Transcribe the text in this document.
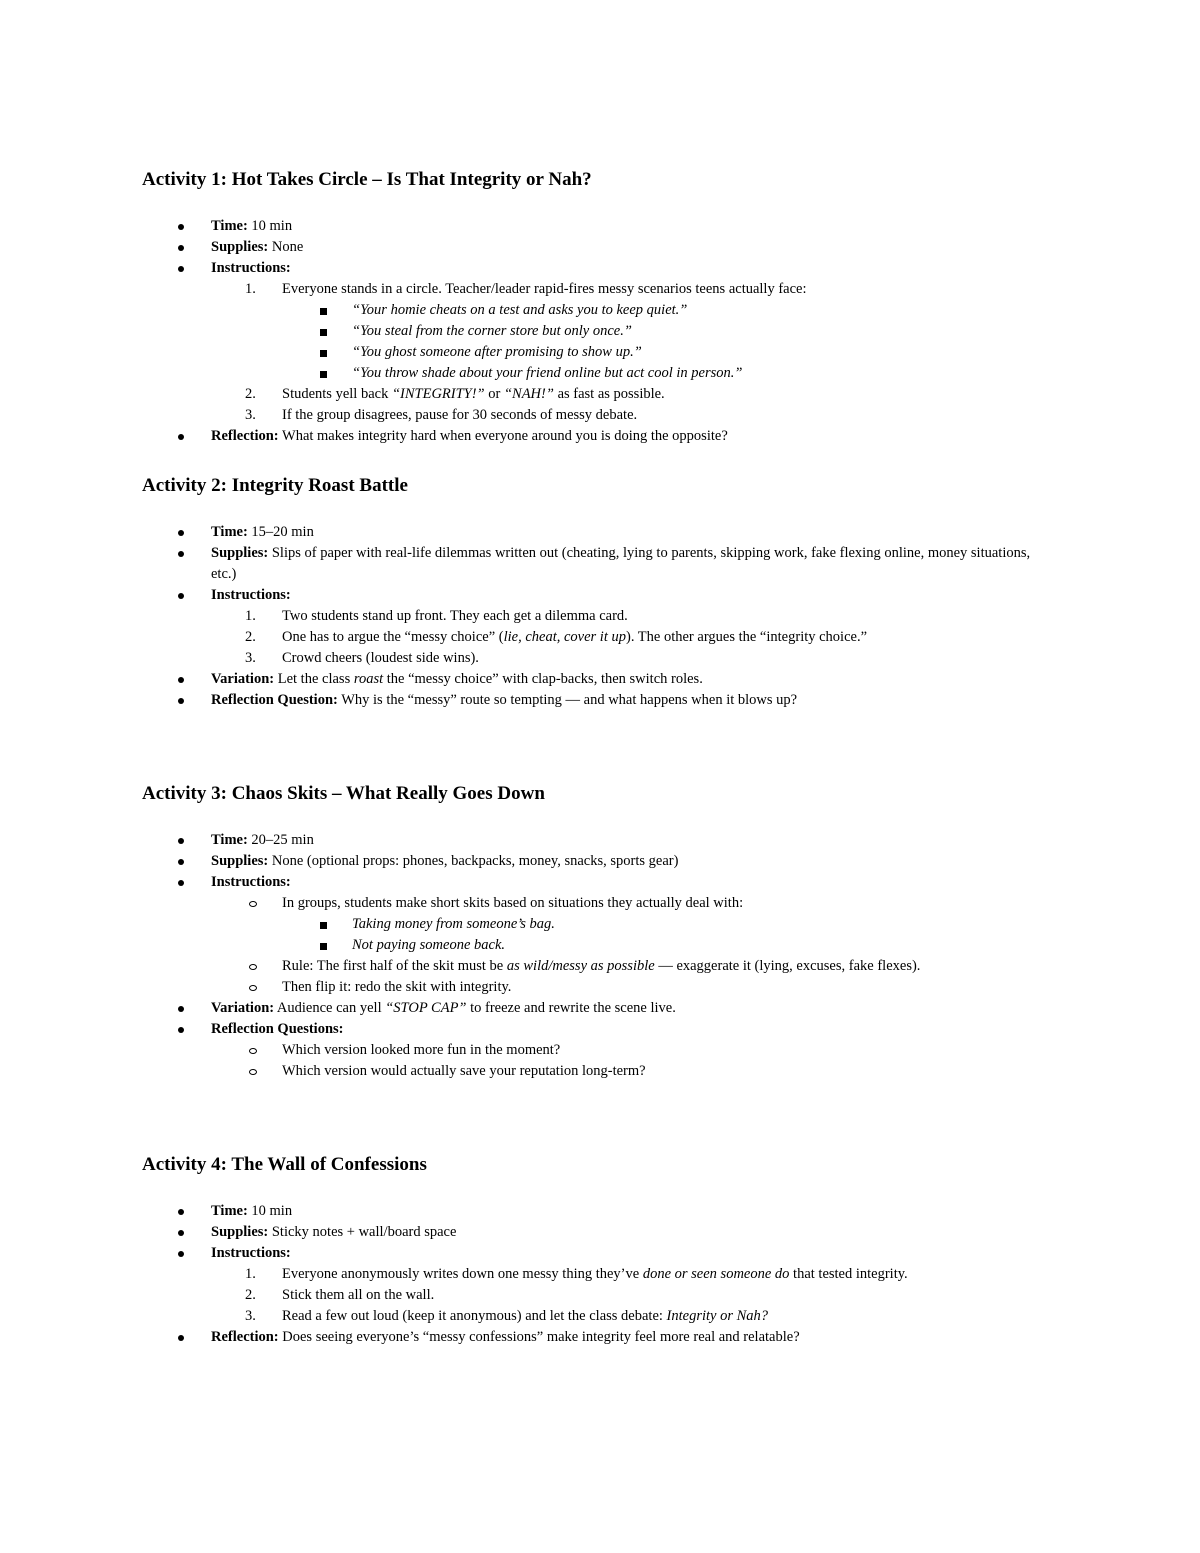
Activity 1: Hot Takes Circle – Is That Integrity or Nah?
Time: 10 min
Supplies: None
Instructions:
1.	Everyone stands in a circle. Teacher/leader rapid-fires messy scenarios teens actually face:
“Your homie cheats on a test and asks you to keep quiet.”
“You steal from the corner store but only once.”
“You ghost someone after promising to show up.”
“You throw shade about your friend online but act cool in person.”
2.	Students yell back “INTEGRITY!” or “NAH!” as fast as possible.
3.	If the group disagrees, pause for 30 seconds of messy debate.
Reflection: What makes integrity hard when everyone around you is doing the opposite?
Activity 2: Integrity Roast Battle
Time: 15–20 min
Supplies: Slips of paper with real-life dilemmas written out (cheating, lying to parents, skipping work, fake flexing online, money situations, etc.)
Instructions:
1.	Two students stand up front. They each get a dilemma card.
2.	One has to argue the “messy choice” (lie, cheat, cover it up). The other argues the “integrity choice.”
3.	Crowd cheers (loudest side wins).
Variation: Let the class roast the “messy choice” with clap-backs, then switch roles.
Reflection Question: Why is the “messy” route so tempting — and what happens when it blows up?
Activity 3: Chaos Skits – What Really Goes Down
Time: 20–25 min
Supplies: None (optional props: phones, backpacks, money, snacks, sports gear)
Instructions:
In groups, students make short skits based on situations they actually deal with:
Taking money from someone’s bag.
Not paying someone back.
Rule: The first half of the skit must be as wild/messy as possible — exaggerate it (lying, excuses, fake flexes).
Then flip it: redo the skit with integrity.
Variation: Audience can yell “STOP CAP” to freeze and rewrite the scene live.
Reflection Questions:
Which version looked more fun in the moment?
Which version would actually save your reputation long-term?
Activity 4: The Wall of Confessions
Time: 10 min
Supplies: Sticky notes + wall/board space
Instructions:
1.	Everyone anonymously writes down one messy thing they’ve done or seen someone do that tested integrity.
2.	Stick them all on the wall.
3.	Read a few out loud (keep it anonymous) and let the class debate: Integrity or Nah?
Reflection: Does seeing everyone’s “messy confessions” make integrity feel more real and relatable?
